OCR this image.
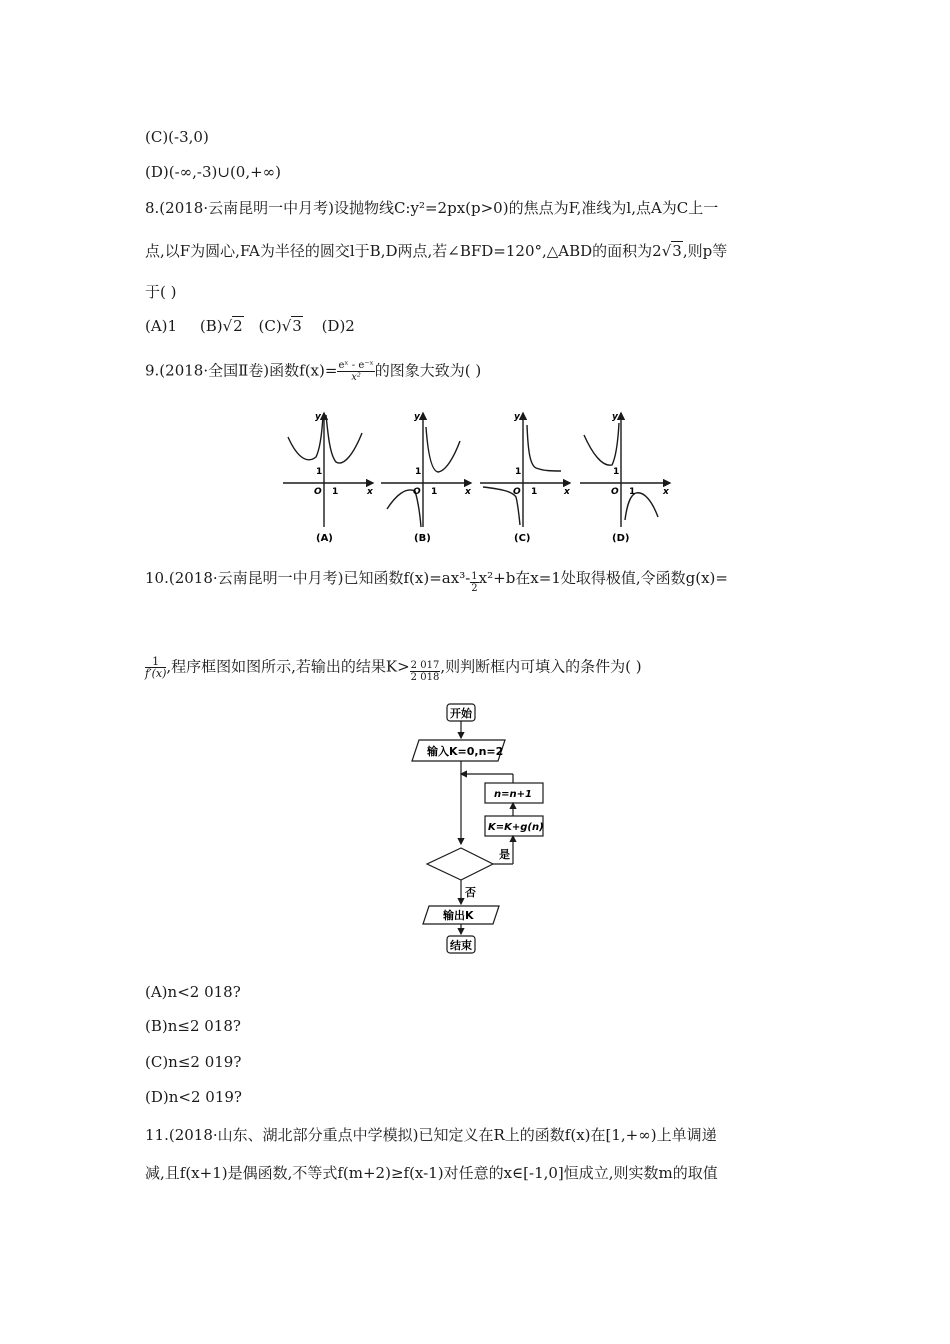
(C)(-3,0)
(D)(-∞,-3)∪(0,+∞)
8.(2018·云南昆明一中月考)设抛物线C:y²=2px(p>0)的焦点为F,准线为l,点A为C上一
点,以F为圆心,FA为半径的圆交l于B,D两点,若∠BFD=120°,△ABD的面积为2√3,则p等
于( )
(A)1 (B)√2 (C)√3 (D)2
9.(2018·全国Ⅱ卷)函数$f(x)= \frac{\text{eˣ - e⁻ˣ}}{\text{x²}}$ 的图象大致为( )
y
1
O 1	x
(A)
y
1
O 1	x
(B)
y
1
O 1	x
(C)
y
1
O 1	x
(D)
10.(2018·云南昆明一中月考)已知函数$f(x)=ax^3- \frac{1}{2} x^2+b$在x=1处取得极值,令函数g(x)=
$\frac{1}{f'(x)}$ ,程序框图如图所示,若输出的结果$K> \frac{2 017}{2 018}$ ,则判断框内可填入的条件为( )
开始
输入K=0,n=2
n=n+1
K=K+g(n)
是
否
输出K
结束
(A)n<2 018?
(B)n≤2 018?
(C)n≤2 019?
(D)n<2 019?
11.(2018·山东、湖北部分重点中学模拟)已知定义在R上的函数f(x)在[1,+∞)上单调递
减,且f(x+1)是偶函数,不等式f(m+2)≥f(x-1)对任意的x∈[-1,0]恒成立,则实数m的取值
